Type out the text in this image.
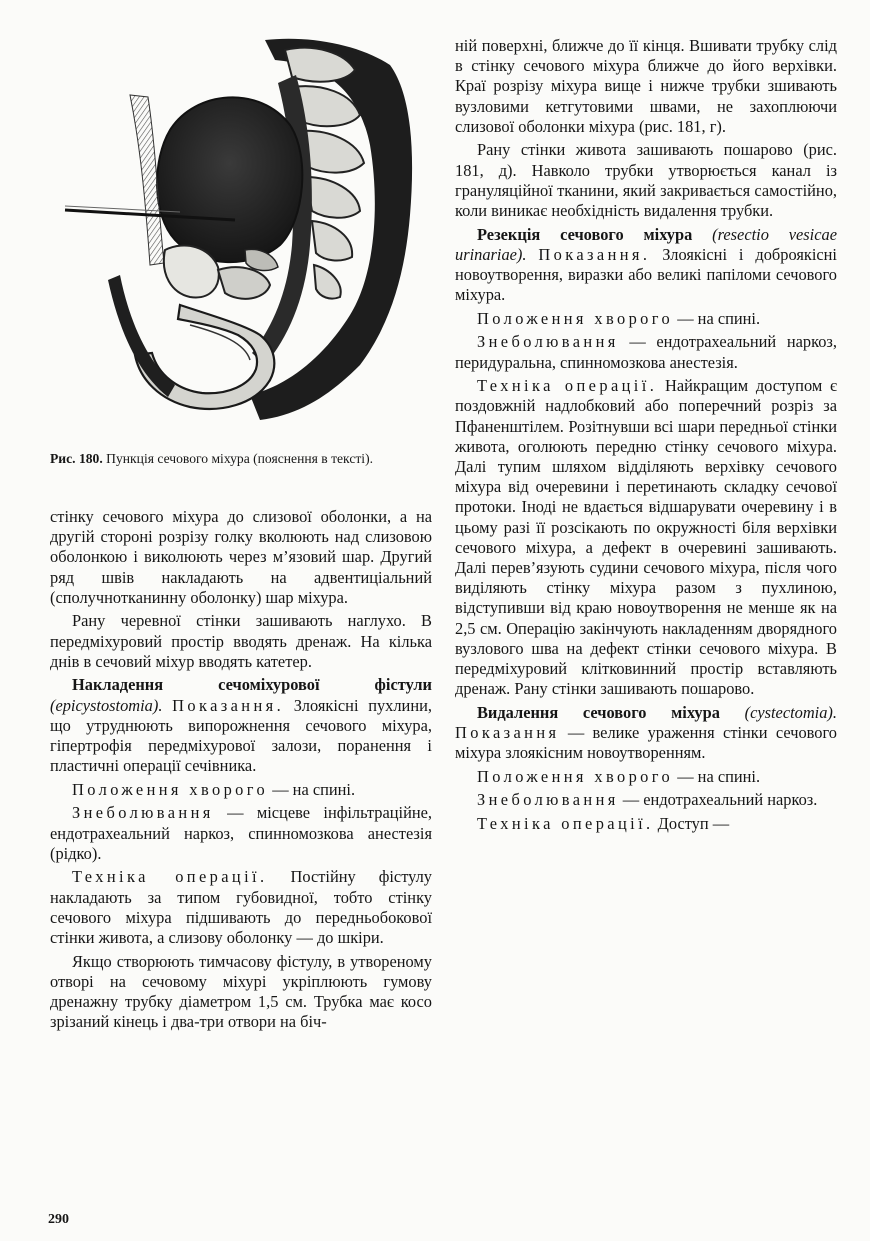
Рис. 180. Пункція сечового міхура (пояснення в тексті).

стінку сечового міхура до слизової оболонки, а на другій стороні розрізу голку вколюють над слизовою оболонкою і виколюють через м’язовий шар. Другий ряд швів накладають на адвентиціальний (сполучнотканинну оболонку) шар міхура.

Рану черевної стінки зашивають наглухо. В передміхуровий простір вводять дренаж. На кілька днів в сечовий міхур вводять катетер.

Накладення сечоміхурової фістули (epicystostomia). Показання. Злоякісні пухлини, що утруднюють випорожнення сечового міхура, гіпертрофія передміхурової залози, поранення і пластичні операції сечівника.

Положення хворого — на спині.

Знеболювання — місцеве інфільтраційне, ендотрахеальний наркоз, спинномозкова анестезія (рідко).

Техніка операції. Постійну фістулу накладають за типом губовидної, тобто стінку сечового міхура підшивають до передньобокової стінки живота, а слизову оболонку — до шкіри.

Якщо створюють тимчасову фістулу, в утвореному отворі на сечовому міхурі укріплюють гумову дренажну трубку діаметром 1,5 см. Трубка має косо зрізаний кінець і два-три отвори на біч-

ній поверхні, ближче до її кінця. Вшивати трубку слід в стінку сечового міхура ближче до його верхівки. Краї розрізу міхура вище і нижче трубки зшивають вузловими кетгутовими швами, не захоплюючи слизової оболонки міхура (рис. 181, г).

Рану стінки живота зашивають пошарово (рис. 181, д). Навколо трубки утворюється канал із грануляційної тканини, який закривається самостійно, коли виникає необхідність видалення трубки.

Резекція сечового міхура (resectio vesicae urinariae). Показання. Злоякісні і доброякісні новоутворення, виразки або великі папіломи сечового міхура.

Положення хворого — на спині.

Знеболювання — ендотрахеальний наркоз, перидуральна, спинномозкова анестезія.

Техніка операції. Найкращим доступом є поздовжній надлобковий або поперечний розріз за Пфаненштілем. Розітнувши всі шари передньої стінки живота, оголюють передню стінку сечового міхура. Далі тупим шляхом відділяють верхівку сечового міхура від очеревини і перетинають складку сечової протоки. Іноді не вдається відшарувати очеревину і в цьому разі її розсікають по окружності біля верхівки сечового міхура, а дефект в очеревині зашивають. Далі перев’язують судини сечового міхура, після чого виділяють стінку міхура разом з пухлиною, відступивши від краю новоутворення не менше як на 2,5 см. Операцію закінчують накладенням дворядного вузлового шва на дефект стінки сечового міхура. В передміхуровий клітковинний простір вставляють дренаж. Рану стінки зашивають пошарово.

Видалення сечового міхура (cystectomia). Показання — велике ураження стінки сечового міхура злоякісним новоутворенням.

Положення хворого — на спині.

Знеболювання — ендотрахеальний наркоз.

Техніка операції. Доступ —

290
